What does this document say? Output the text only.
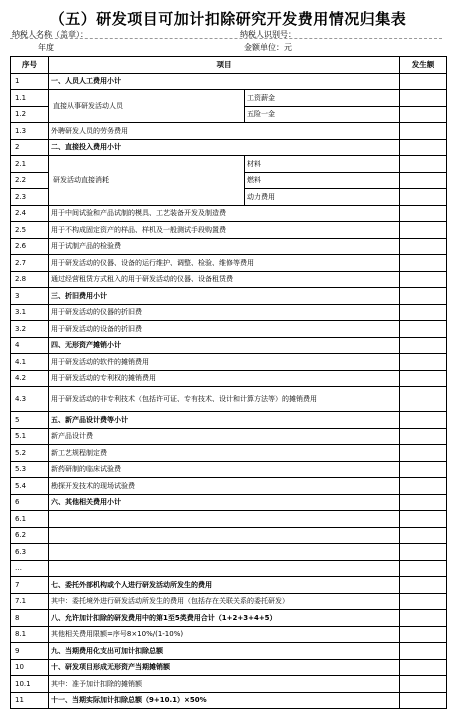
（五）研发项目可加计扣除研究开发费用情况归集表
纳税人名称（盖章）：	纳税人识别号：
年度	金额单位：元
序号	项目		发生额
1	一、人员人工费用小计		
1.1	直接从事研发活动人员	工资薪金	
1.2		五险一金	
1.3	外聘研发人员的劳务费用		
2	二、直接投入费用小计		
2.1	研发活动直接消耗	材料	
2.2		燃料	
2.3		动力费用	
2.4	用于中间试验和产品试制的模具、工艺装备开发及制造费		
2.5	用于不构成固定资产的样品、样机及一般测试手段购置费		
2.6	用于试制产品的检验费		
2.7	用于研发活动的仪器、设备的运行维护、调整、检验、维修等费用		
2.8	通过经营租赁方式租入的用于研发活动的仪器、设备租赁费		
3	三、折旧费用小计		
3.1	用于研发活动的仪器的折旧费		
3.2	用于研发活动的设备的折旧费		
4	四、无形资产摊销小计		
4.1	用于研发活动的软件的摊销费用		
4.2	用于研发活动的专利权的摊销费用		
4.3	用于研发活动的非专利技术（包括许可证、专有技术、设计和计算方法等）的摊销费用		
5	五、新产品设计费等小计		
5.1	新产品设计费		
5.2	新工艺规程制定费		
5.3	新药研制的临床试验费		
5.4	勘探开发技术的现场试验费		
6	六、其他相关费用小计		
6.1			
6.2			
6.3			
…			
7	七、委托外部机构或个人进行研发活动所发生的费用		
7.1	其中：委托境外进行研发活动所发生的费用（包括存在关联关系的委托研发）		
8	八、允许加计扣除的研发费用中的第1至5类费用合计（1+2+3+4+5）		
8.1	其他相关费用限额=序号8×10%/(1-10%)		
9	九、当期费用化支出可加计扣除总额		
10	十、研发项目形成无形资产当期摊销额		
10.1	其中：准予加计扣除的摊销额		
11	十一、当期实际加计扣除总额（9+10.1）×50%		
